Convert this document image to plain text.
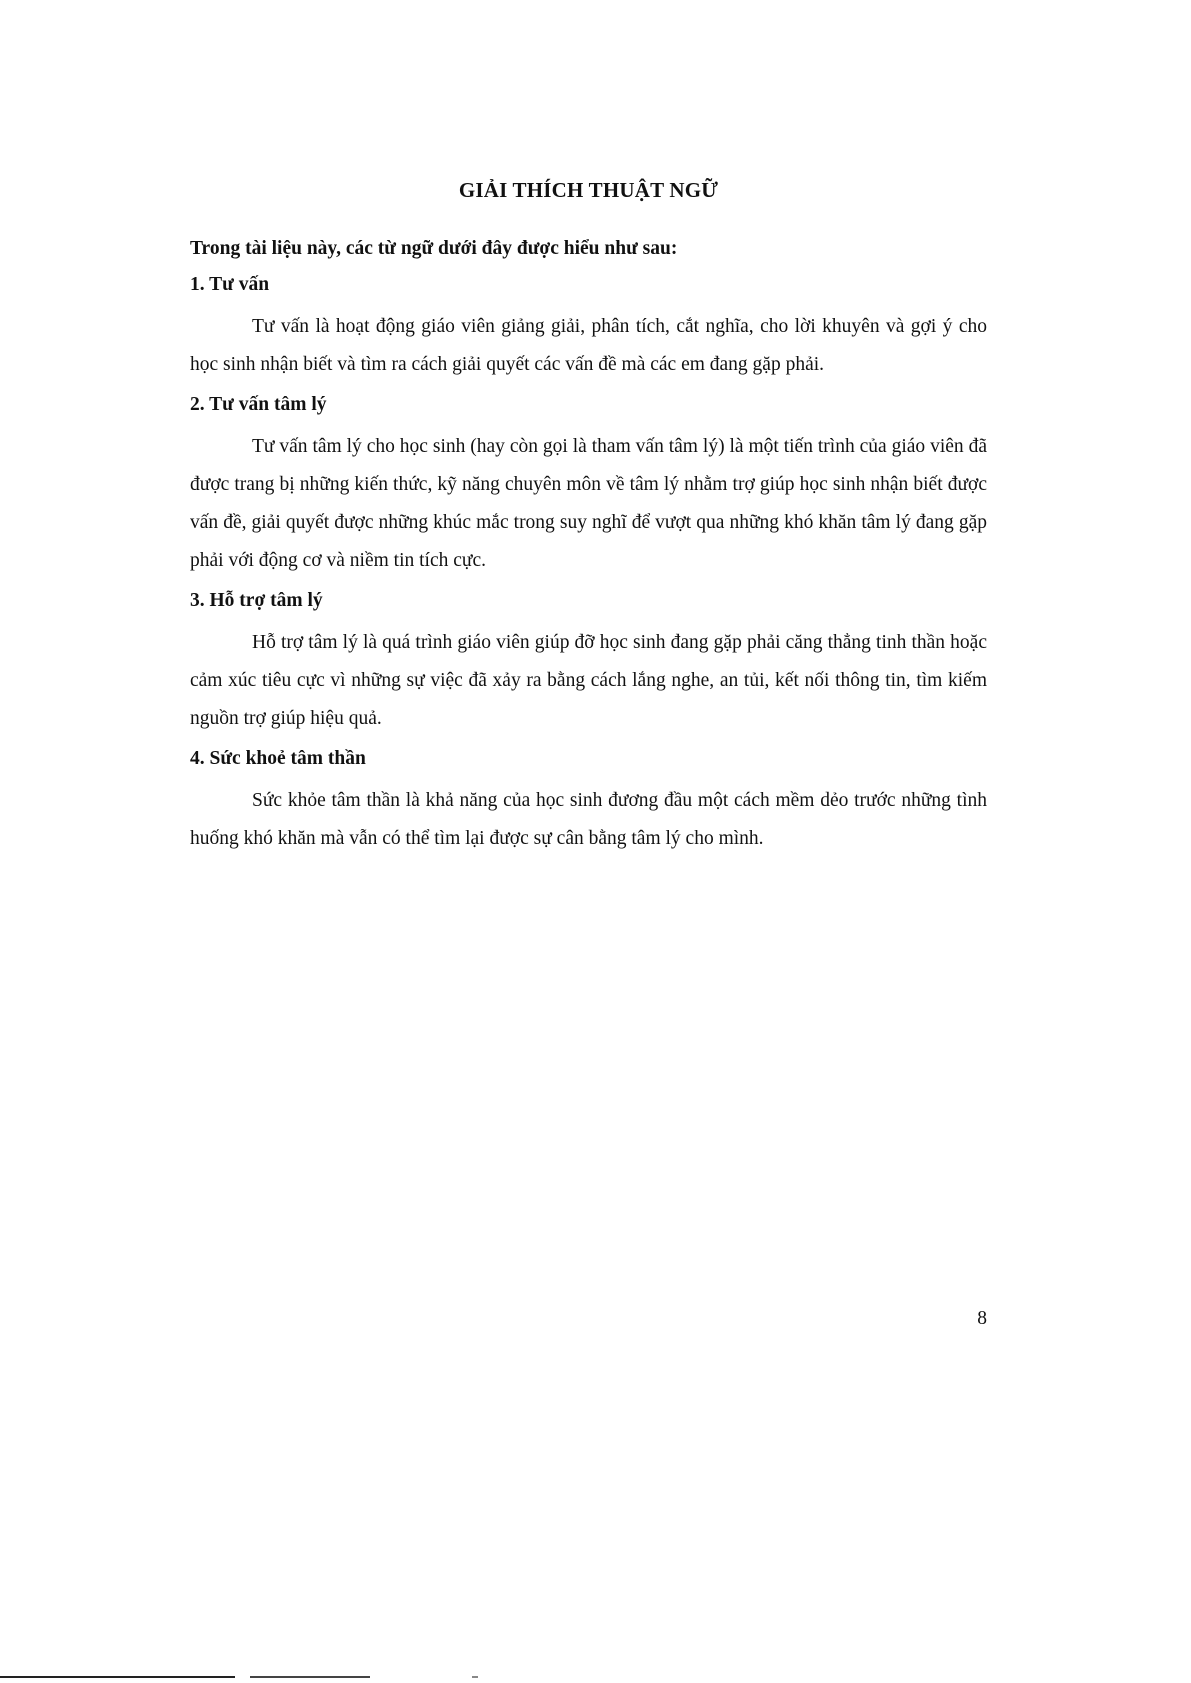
GIẢI THÍCH THUẬT NGỮ

Trong tài liệu này, các từ ngữ dưới đây được hiểu như sau:

1. Tư vấn

Tư vấn là hoạt động giáo viên giảng giải, phân tích, cắt nghĩa, cho lời khuyên và gợi ý cho học sinh nhận biết và tìm ra cách giải quyết các vấn đề mà các em đang gặp phải.

2. Tư vấn tâm lý

Tư vấn tâm lý cho học sinh (hay còn gọi là tham vấn tâm lý) là một tiến trình của giáo viên đã được trang bị những kiến thức, kỹ năng chuyên môn về tâm lý nhằm trợ giúp học sinh nhận biết được vấn đề, giải quyết được những khúc mắc trong suy nghĩ để vượt qua những khó khăn tâm lý đang gặp phải với động cơ và niềm tin tích cực.

3. Hỗ trợ tâm lý

Hỗ trợ tâm lý là quá trình giáo viên giúp đỡ học sinh đang gặp phải căng thẳng tinh thần hoặc cảm xúc tiêu cực vì những sự việc đã xảy ra bằng cách lắng nghe, an tủi, kết nối thông tin, tìm kiếm nguồn trợ giúp hiệu quả.

4. Sức khoẻ tâm thần

Sức khỏe tâm thần là khả năng của học sinh đương đầu một cách mềm dẻo trước những tình huống khó khăn mà vẫn có thể tìm lại được sự cân bằng tâm lý cho mình.

8
